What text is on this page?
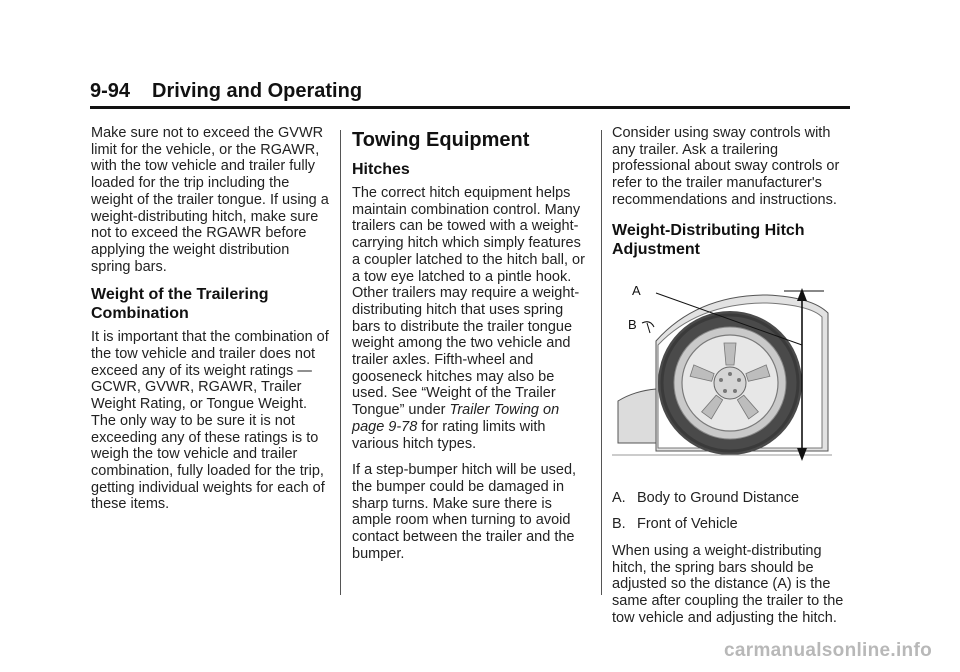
9-94 Driving and Operating

Make sure not to exceed the GVWR limit for the vehicle, or the RGAWR, with the tow vehicle and trailer fully loaded for the trip including the weight of the trailer tongue. If using a weight-distributing hitch, make sure not to exceed the RGAWR before applying the weight distribution spring bars.

Weight of the Trailering Combination

It is important that the combination of the tow vehicle and trailer does not exceed any of its weight ratings — GCWR, GVWR, RGAWR, Trailer Weight Rating, or Tongue Weight. The only way to be sure it is not exceeding any of these ratings is to weigh the tow vehicle and trailer combination, fully loaded for the trip, getting individual weights for each of these items.

Towing Equipment
Hitches

The correct hitch equipment helps maintain combination control. Many trailers can be towed with a weight-carrying hitch which simply features a coupler latched to the hitch ball, or a tow eye latched to a pintle hook. Other trailers may require a weight-distributing hitch that uses spring bars to distribute the trailer tongue weight among the two vehicle and trailer axles. Fifth-wheel and gooseneck hitches may also be used. See “Weight of the Trailer Tongue” under Trailer Towing on page 9-78 for rating limits with various hitch types.

If a step-bumper hitch will be used, the bumper could be damaged in sharp turns. Make sure there is ample room when turning to avoid contact between the trailer and the bumper.

Consider using sway controls with any trailer. Ask a trailering professional about sway controls or refer to the trailer manufacturer's recommendations and instructions.

Weight-Distributing Hitch Adjustment
A
B
A. Body to Ground Distance
B. Front of Vehicle

When using a weight-distributing hitch, the spring bars should be adjusted so the distance (A) is the same after coupling the trailer to the tow vehicle and adjusting the hitch.

carmanualsonline.info
